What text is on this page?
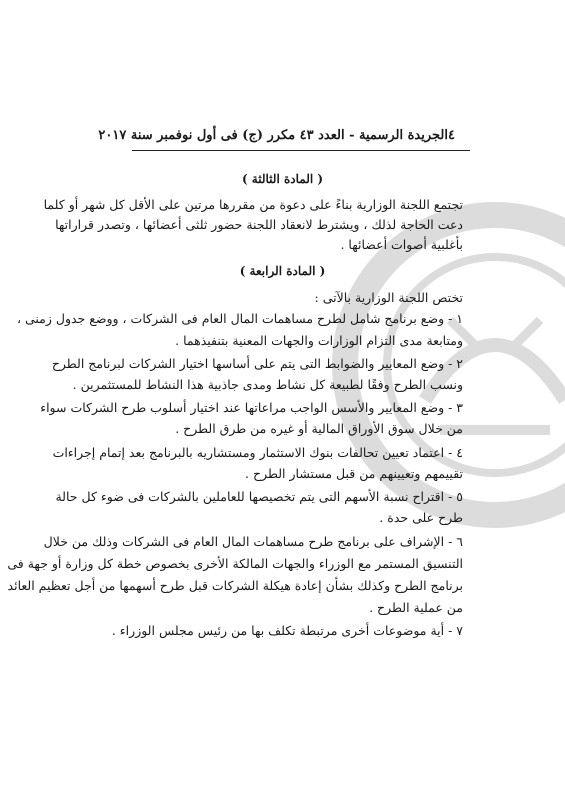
٤
الجريدة الرسمية - العدد ٤٣ مكرر (ج) فى أول نوفمبر سنة ٢٠١٧
( المادة الثالثة )
تجتمع اللجنة الوزارية بناءً على دعوة من مقررها مرتين على الأقل كل شهر أو كلما
دعت الحاجة لذلك ، ويشترط لانعقاد اللجنة حضور ثلثى أعضائها ، وتصدر قراراتها
بأغلبية أصوات أعضائها .
( المادة الرابعة )
تختص اللجنة الوزارية بالآتى :
١ - وضع برنامج شامل لطرح مساهمات المال العام فى الشركات ، ووضع جدول زمنى ،
ومتابعة مدى التزام الوزارات والجهات المعنية بتنفيذهما .
٢ - وضع المعايير والضوابط التى يتم على أساسها اختيار الشركات لبرنامج الطرح
ونسب الطرح وفقًا لطبيعة كل نشاط ومدى جاذبية هذا النشاط للمستثمرين .
٣ - وضع المعايير والأسس الواجب مراعاتها عند اختيار أسلوب طرح الشركات سواء
من خلال سوق الأوراق المالية أو غيره من طرق الطرح .
٤ - اعتماد تعيين تحالفات بنوك الاستثمار ومستشاريه بالبرنامج بعد إتمام إجراءات
تقييمهم وتعيينهم من قبل مستشار الطرح .
٥ - اقتراح نسبة الأسهم التى يتم تخصيصها للعاملين بالشركات فى ضوء كل حالة
طرح على حدة .
٦ - الإشراف على برنامج طرح مساهمات المال العام فى الشركات وذلك من خلال
التنسيق المستمر مع الوزراء والجهات المالكة الأخرى بخصوص خطة كل وزارة أو جهة فى
برنامج الطرح وكذلك بشأن إعادة هيكلة الشركات قبل طرح أسهمها من أجل تعظيم العائد
من عملية الطرح .
٧ - أية موضوعات أخرى مرتبطة تكلف بها من رئيس مجلس الوزراء .
